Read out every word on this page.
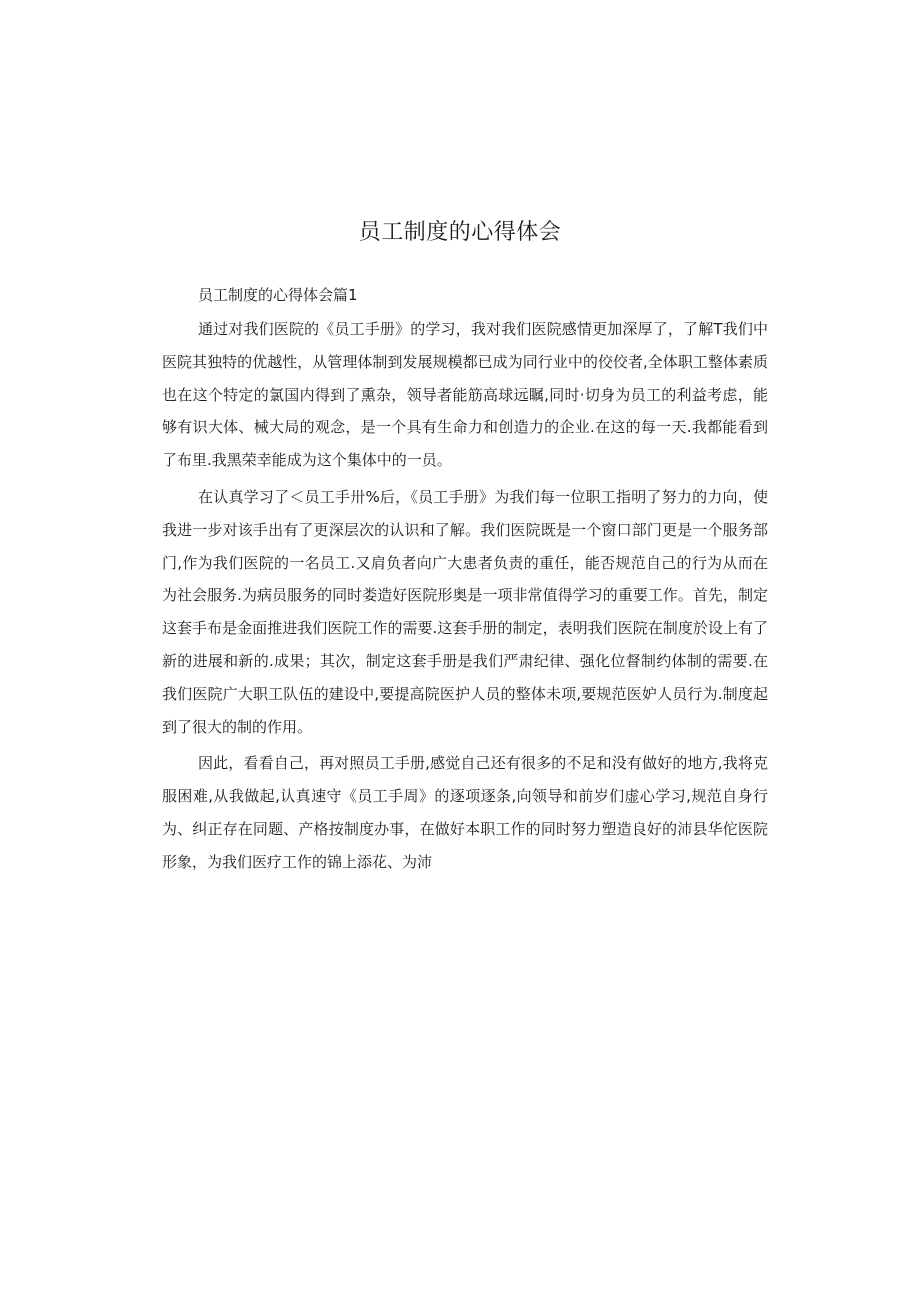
员工制度的心得体会

员工制度的心得体会篇1

通过对我们医院的《员工手册》的学习，我对我们医院感情更加深厚了，了解T我们中医院其独特的优越性，从管理体制到发展规模都已成为同行业中的佼佼者,全体职工整体素质也在这个特定的氯国内得到了熏杂，领导者能筋高球远瞩,同时·切身为员工的利益考虑，能够有识大体、械大局的观念，是一个具有生命力和创造力的企业.在这的每一天.我都能看到了布里.我黑荣幸能成为这个集体中的一员。

在认真学习了＜员工手卅%后，《员工手册》为我们每一位职工指明了努力的力向，使我进一步对该手出有了更深层次的认识和了解。我们医院既是一个窗口部门更是一个服务部门,作为我们医院的一名员工.又肩负者向广大患者负责的重任，能否规范自己的行为从而在为社会服务.为病员服务的同时娄造好医院形奥是一项非常值得学习的重要工作。首先，制定这套手布是金面推进我们医院工作的需要.这套手册的制定，表明我们医院在制度於设上有了新的进展和新的.成果；其次，制定这套手册是我们严肃纪律、强化位督制约体制的需要.在我们医院广大职工队伍的建设中,要提高院医护人员的整体未项,要规范医妒人员行为.制度起到了很大的制的作用。

因此，看看自己，再对照员工手册,感觉自己还有很多的不足和没有做好的地方,我将克服困难,从我做起,认真速守《员工手周》的逐项逐条,向领导和前岁们虚心学习,规范自身行为、纠正存在同题、产格按制度办事，在做好本职工作的同时努力塑造良好的沛县华佗医院形象，为我们医疗工作的锦上添花、为沛
